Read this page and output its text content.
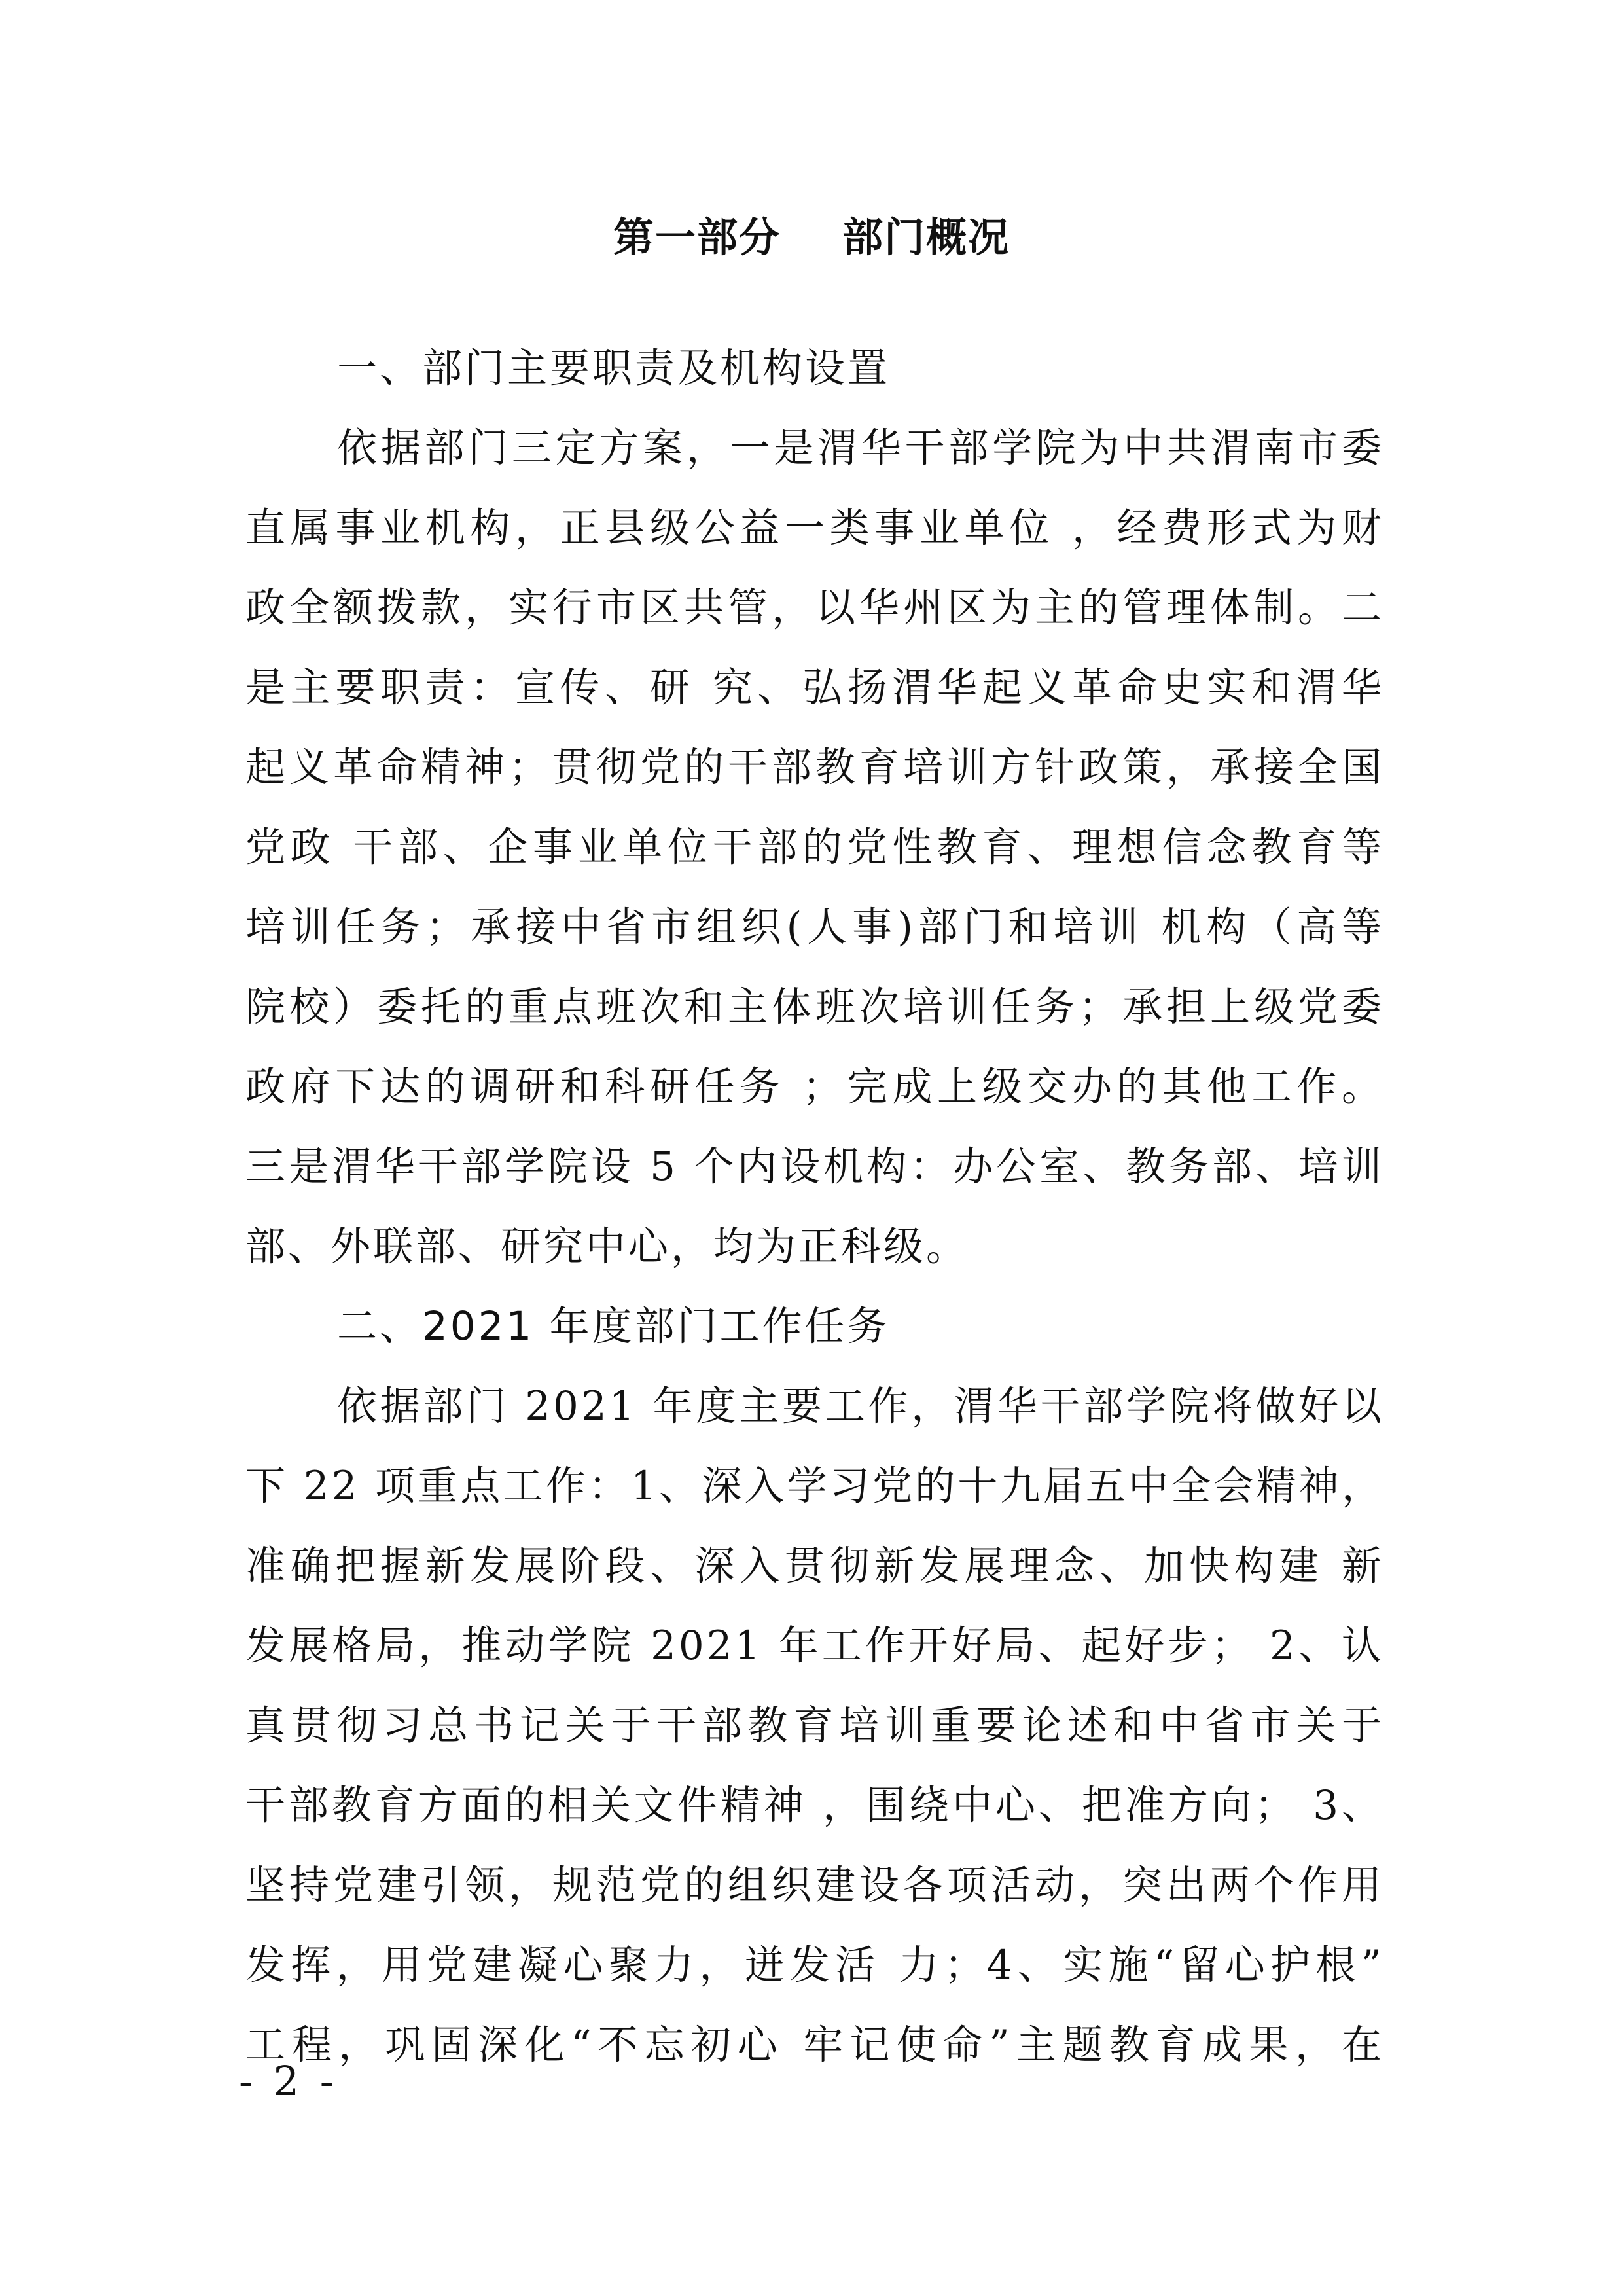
第一部分    部门概况
一、部门主要职责及机构设置
依据部门三定方案，一是渭华干部学院为中共渭南市委
直属事业机构，正县级公益一类事业单位 ，经费形式为财
政全额拨款，实行市区共管，以华州区为主的管理体制。二
是主要职责：宣传、研 究、弘扬渭华起义革命史实和渭华
起义革命精神；贯彻党的干部教育培训方针政策，承接全国
党政 干部、企事业单位干部的党性教育、理想信念教育等
培训任务；承接中省市组织(人事)部门和培训 机构（高等
院校）委托的重点班次和主体班次培训任务；承担上级党委
政府下达的调研和科研任务 ；完成上级交办的其他工作。
三是渭华干部学院设 5 个内设机构：办公室、教务部、培训
部、外联部、研究中心，均为正科级。
二、2021 年度部门工作任务
依据部门 2021 年度主要工作，渭华干部学院将做好以
下 22 项重点工作：1、深入学习党的十九届五中全会精神，
准确把握新发展阶段、深入贯彻新发展理念、加快构建 新
发展格局，推动学院 2021 年工作开好局、起好步； 2、认
真贯彻习总书记关于干部教育培训重要论述和中省市关于
干部教育方面的相关文件精神 ，围绕中心、把准方向； 3、
坚持党建引领，规范党的组织建设各项活动，突出两个作用
发挥，用党建凝心聚力，迸发活 力；4、实施“留心护根”
工程，巩固深化“不忘初心 牢记使命”主题教育成果，在
- 2 -
